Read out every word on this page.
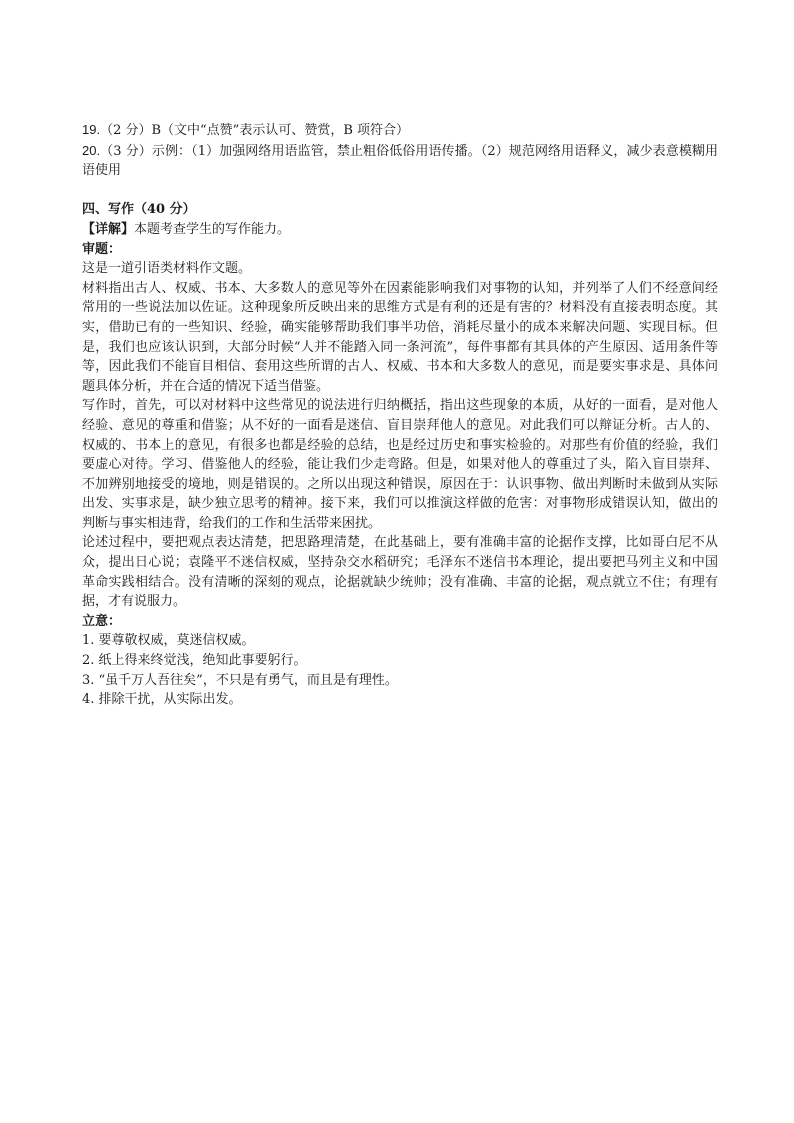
19.（2 分）B（文中“点赞”表示认可、赞赏，B 项符合）

20.（3 分）示例：（1）加强网络用语监管，禁止粗俗低俗用语传播。（2）规范网络用语释义，减少表意模糊用语使用

四、写作（40 分）

【详解】本题考查学生的写作能力。

审题：

这是一道引语类材料作文题。

材料指出古人、权威、书本、大多数人的意见等外在因素能影响我们对事物的认知，并列举了人们不经意间经常用的一些说法加以佐证。这种现象所反映出来的思维方式是有利的还是有害的？材料没有直接表明态度。其实，借助已有的一些知识、经验，确实能够帮助我们事半功倍，消耗尽量小的成本来解决问题、实现目标。但是，我们也应该认识到，大部分时候“人并不能踏入同一条河流”，每件事都有其具体的产生原因、适用条件等等，因此我们不能盲目相信、套用这些所谓的古人、权威、书本和大多数人的意见，而是要实事求是、具体问题具体分析，并在合适的情况下适当借鉴。

写作时，首先，可以对材料中这些常见的说法进行归纳概括，指出这些现象的本质，从好的一面看，是对他人经验、意见的尊重和借鉴；从不好的一面看是迷信、盲目崇拜他人的意见。对此我们可以辩证分析。古人的、权威的、书本上的意见，有很多也都是经验的总结，也是经过历史和事实检验的。对那些有价值的经验，我们要虚心对待。学习、借鉴他人的经验，能让我们少走弯路。但是，如果对他人的尊重过了头，陷入盲目崇拜、不加辨别地接受的境地，则是错误的。之所以出现这种错误，原因在于：认识事物、做出判断时未做到从实际出发、实事求是，缺少独立思考的精神。接下来，我们可以推演这样做的危害：对事物形成错误认知，做出的判断与事实相违背，给我们的工作和生活带来困扰。

论述过程中，要把观点表达清楚，把思路理清楚，在此基础上，要有准确丰富的论据作支撑，比如哥白尼不从众，提出日心说；袁隆平不迷信权威，坚持杂交水稻研究；毛泽东不迷信书本理论，提出要把马列主义和中国革命实践相结合。没有清晰的深刻的观点，论据就缺少统帅；没有准确、丰富的论据，观点就立不住；有理有据，才有说服力。

立意：

1. 要尊敬权威，莫迷信权威。

2. 纸上得来终觉浅，绝知此事要躬行。

3. “虽千万人吾往矣”，不只是有勇气，而且是有理性。

4. 排除干扰，从实际出发。
